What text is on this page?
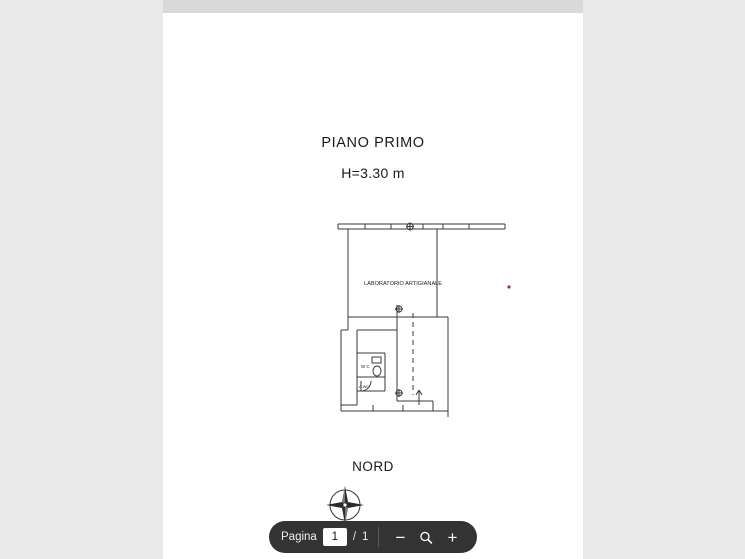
PIANO PRIMO
H=3.30 m
LABORATORIO ARTIGIANALE
W C
A.WC
NORD
Pagina
1	/ 1 − +
